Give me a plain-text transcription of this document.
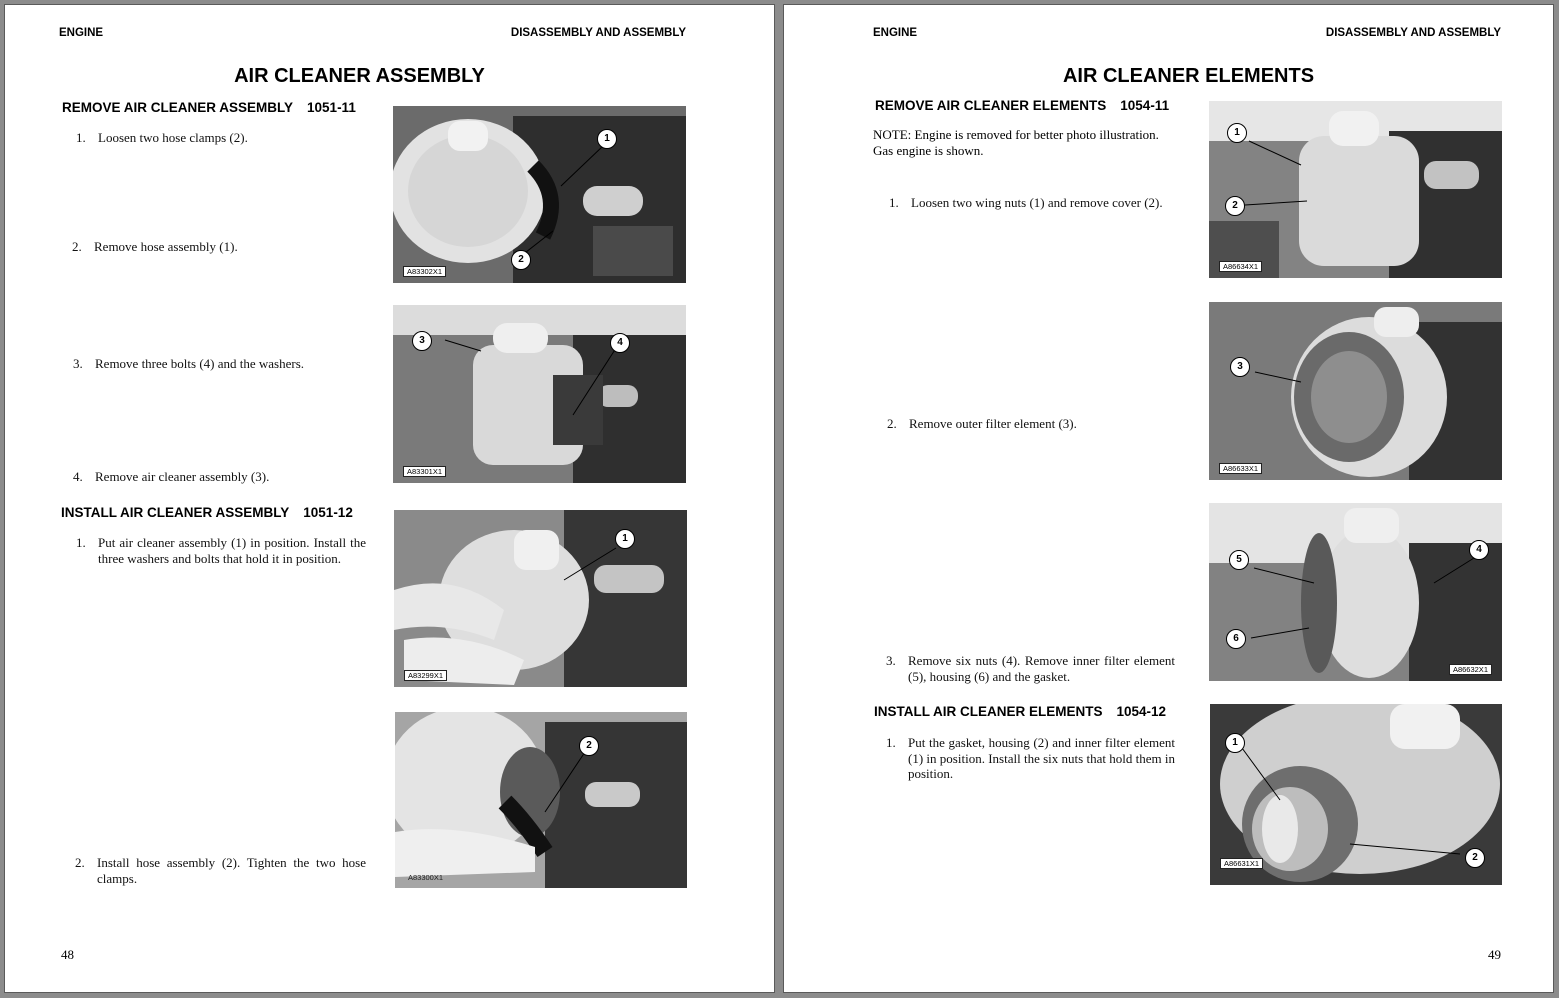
ENGINE	DISASSEMBLY AND ASSEMBLY
AIR CLEANER ASSEMBLY
REMOVE AIR CLEANER ASSEMBLY 1051-11
1. Loosen two hose clamps (2).
2. Remove hose assembly (1).
3. Remove three bolts (4) and the washers.
4. Remove air cleaner assembly (3).
INSTALL AIR CLEANER ASSEMBLY 1051-12
1. Put air cleaner assembly (1) in position. Install the three washers and bolts that hold it in position.
2. Install hose assembly (2). Tighten the two hose clamps.
1
2
A83302X1
3	4
A83301X1
1
A83299X1
2
A83300X1
48
ENGINE	DISASSEMBLY AND ASSEMBLY
AIR CLEANER ELEMENTS
REMOVE AIR CLEANER ELEMENTS 1054-11
NOTE: Engine is removed for better photo illustration. Gas engine is shown.
1. Loosen two wing nuts (1) and remove cover (2).
2. Remove outer filter element (3).
3. Remove six nuts (4). Remove inner filter element (5), housing (6) and the gasket.
INSTALL AIR CLEANER ELEMENTS 1054-12
1. Put the gasket, housing (2) and inner filter element (1) in position. Install the six nuts that hold them in position.
1
2
A86634X1
3
A86633X1
5
4
6
A86632X1
1
2
A86631X1
49
